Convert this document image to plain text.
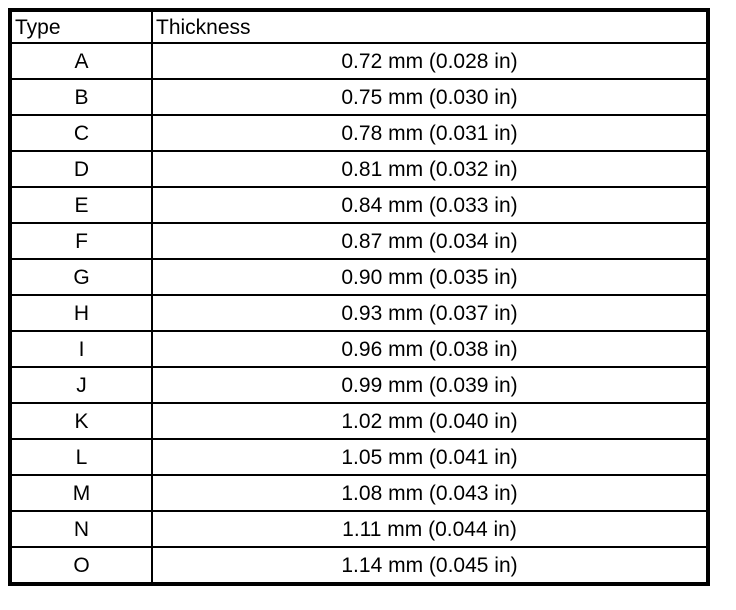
Type	Thickness
A	0.72 mm (0.028 in)
B	0.75 mm (0.030 in)
C	0.78 mm (0.031 in)
D	0.81 mm (0.032 in)
E	0.84 mm (0.033 in)
F	0.87 mm (0.034 in)
G	0.90 mm (0.035 in)
H	0.93 mm (0.037 in)
I	0.96 mm (0.038 in)
J	0.99 mm (0.039 in)
K	1.02 mm (0.040 in)
L	1.05 mm (0.041 in)
M	1.08 mm (0.043 in)
N	1.11 mm (0.044 in)
O	1.14 mm (0.045 in)
